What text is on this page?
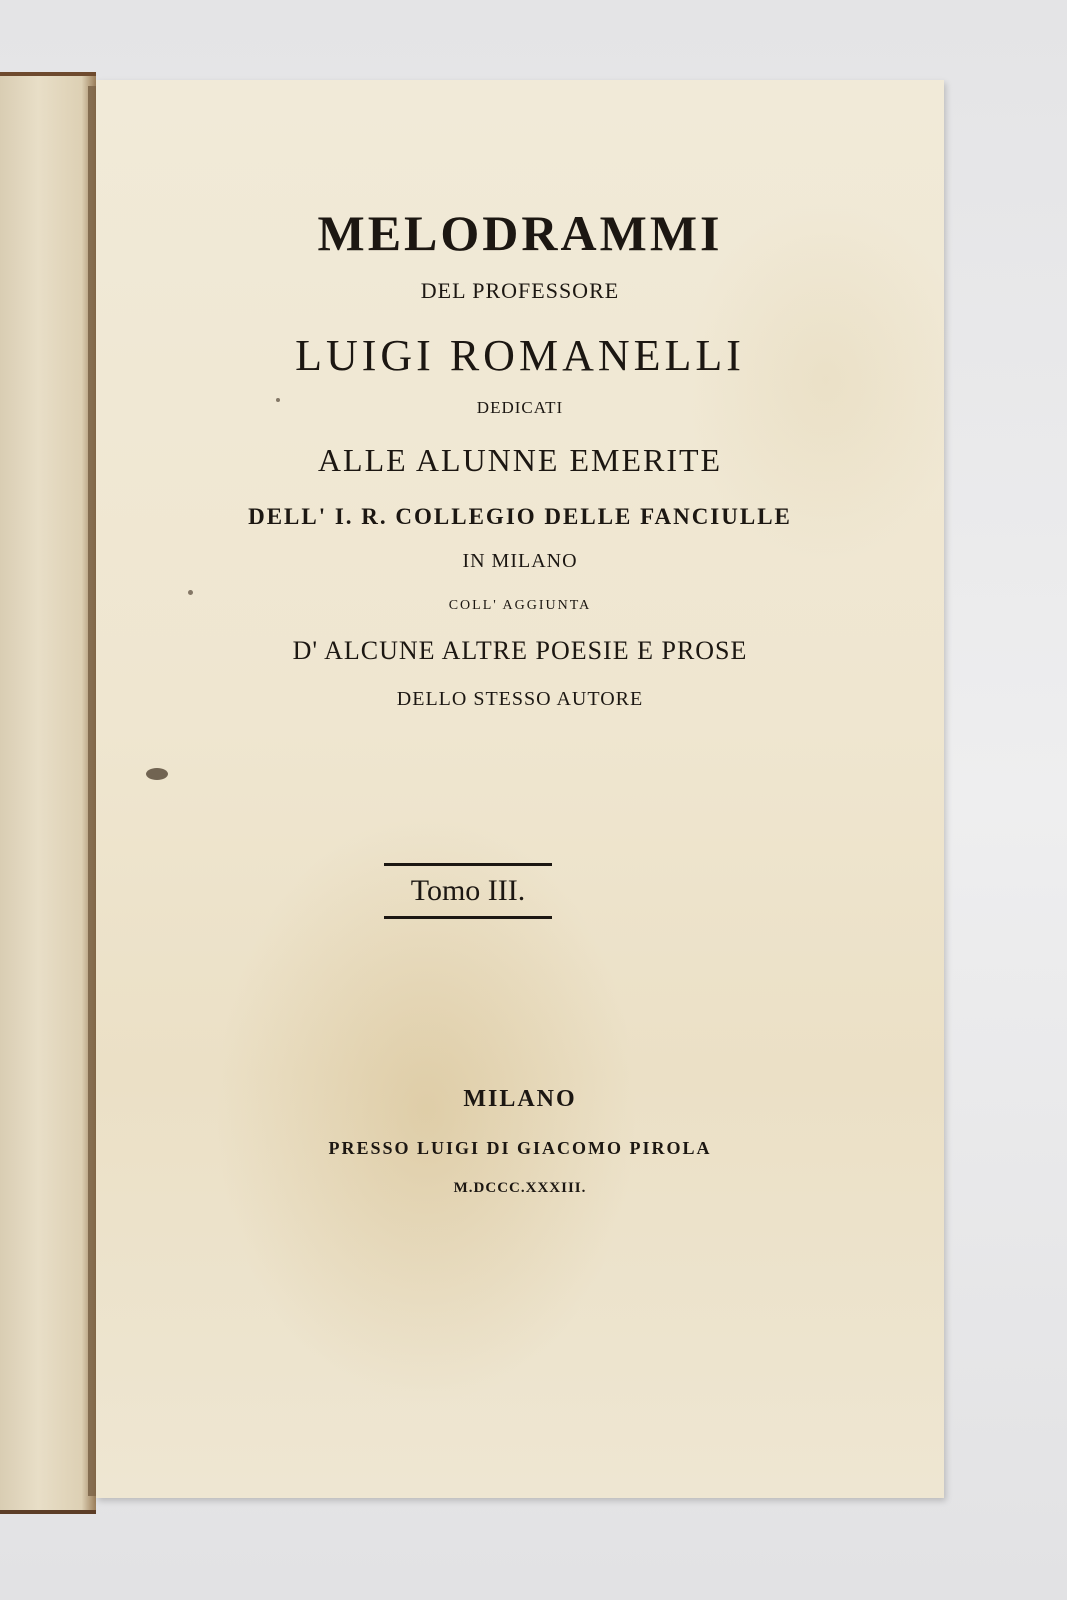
MELODRAMMI
DEL PROFESSORE
LUIGI ROMANELLI
DEDICATI
ALLE ALUNNE EMERITE
DELL' I. R. COLLEGIO DELLE FANCIULLE
IN MILANO
COLL' AGGIUNTA
D' ALCUNE ALTRE POESIE E PROSE
DELLO STESSO AUTORE
Tomo III.
MILANO
PRESSO LUIGI DI GIACOMO PIROLA
M.DCCC.XXXIII.
